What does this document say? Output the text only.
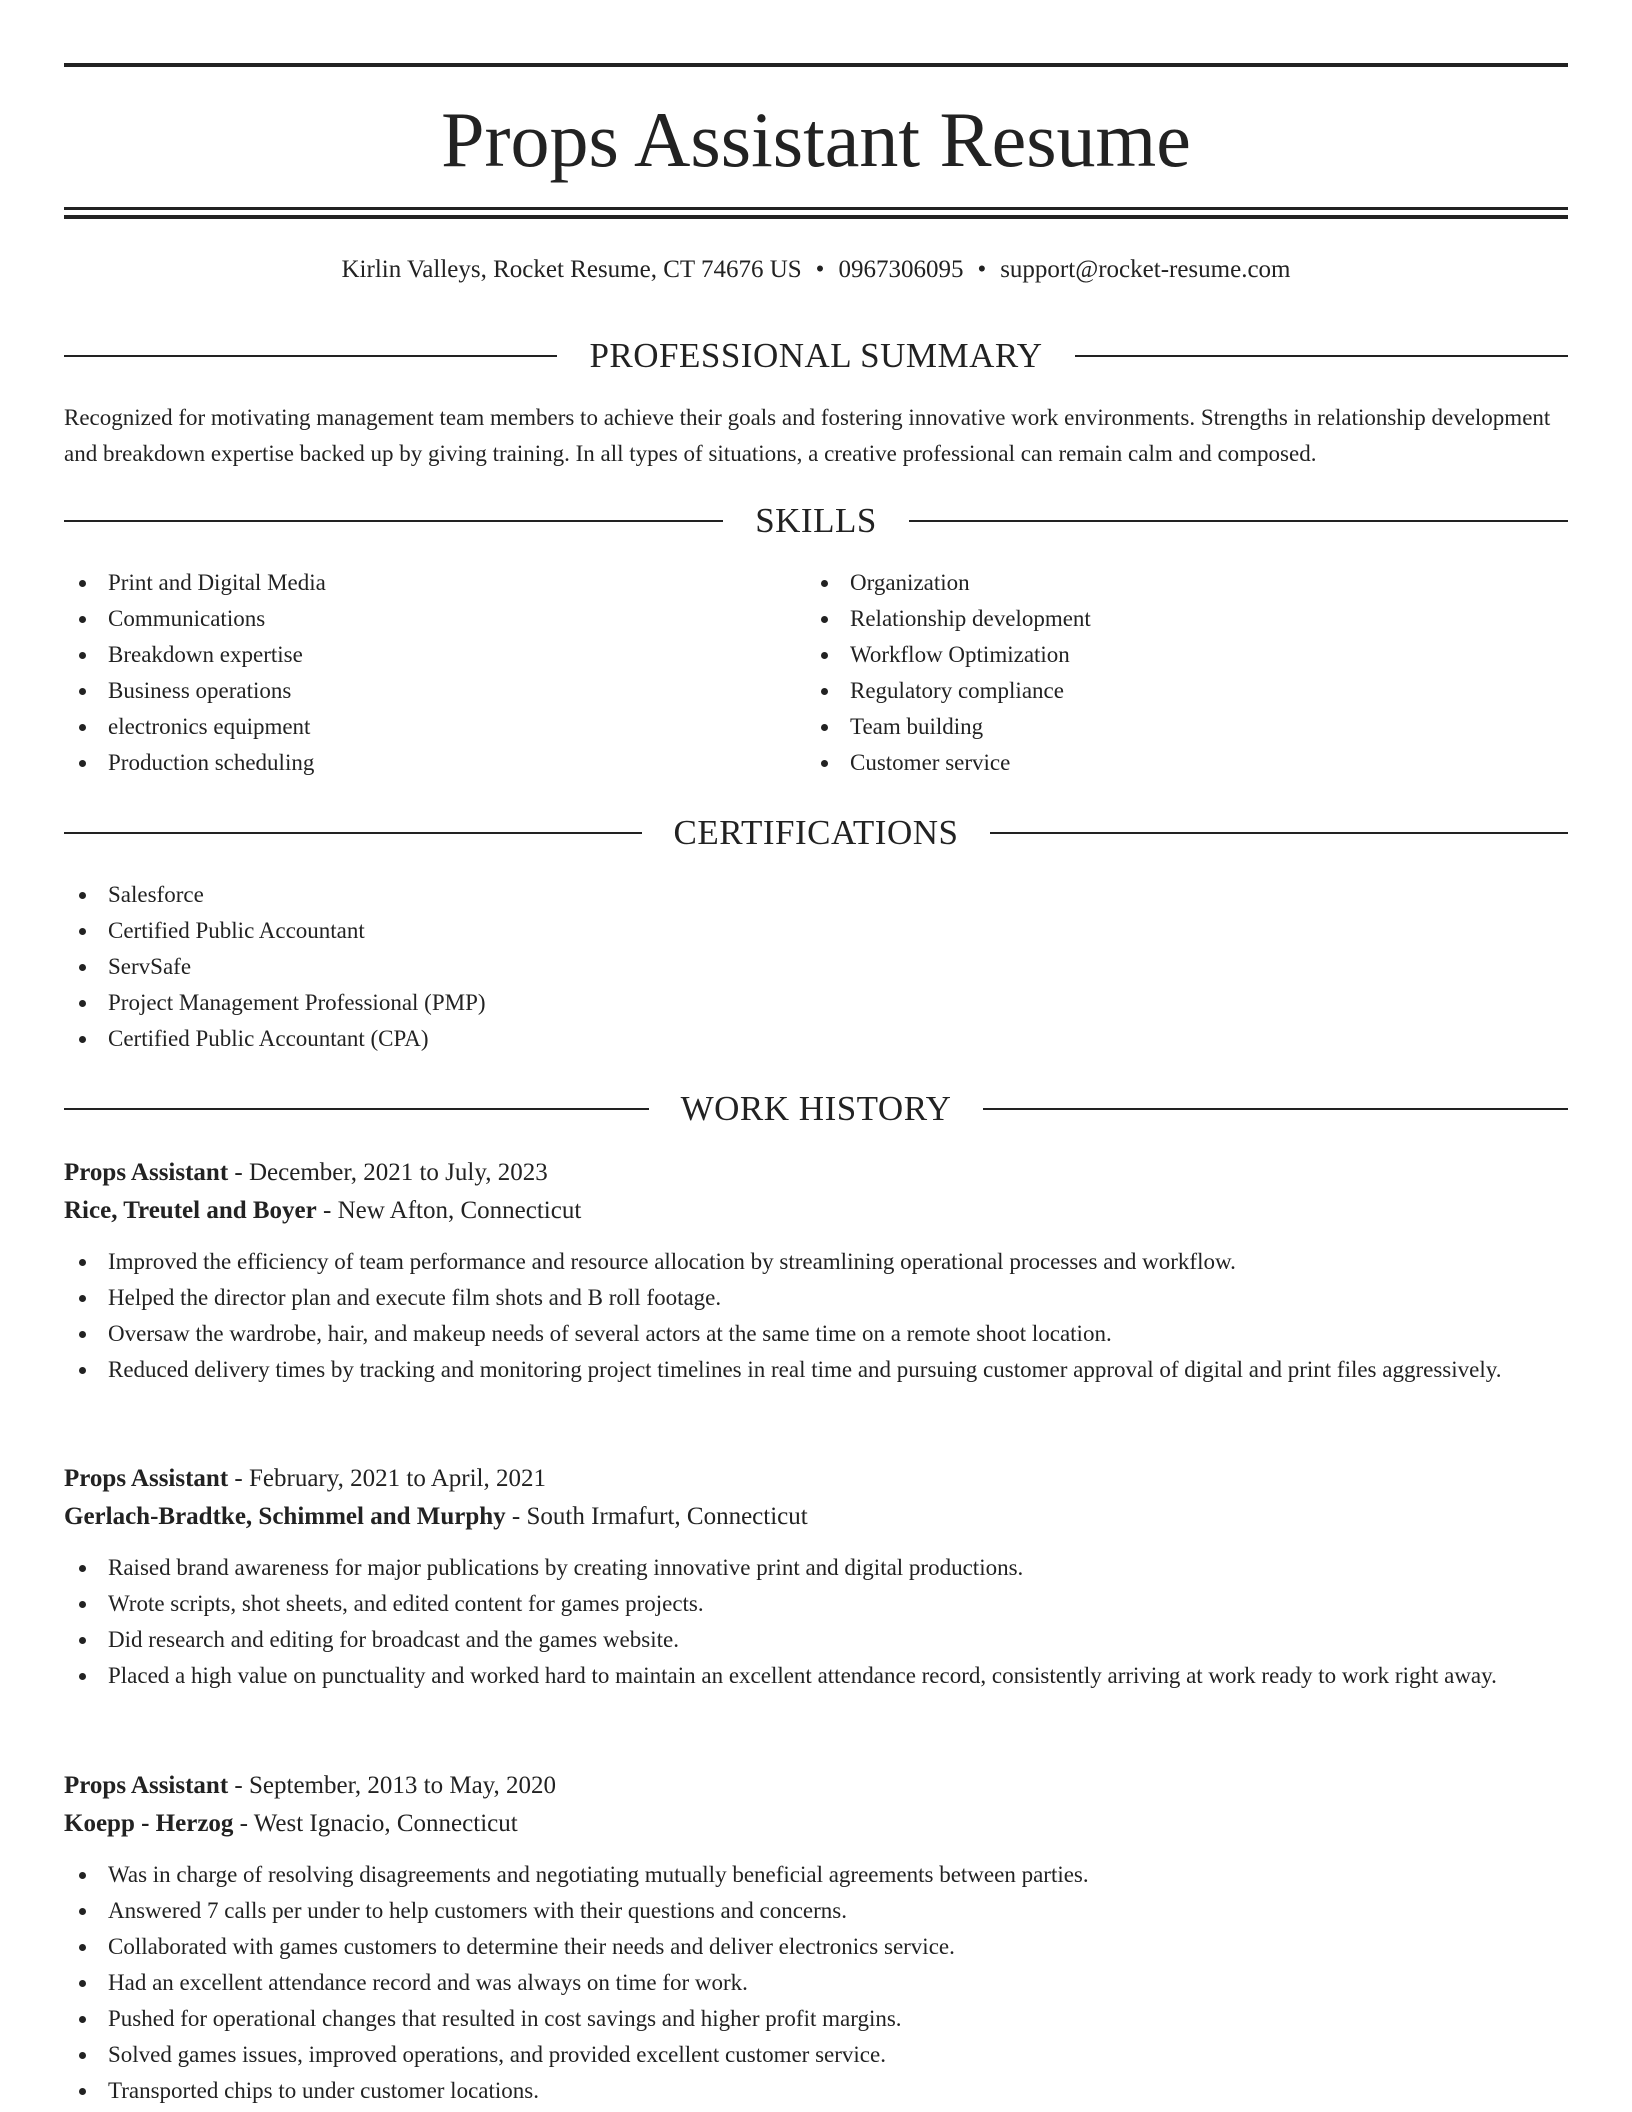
Props Assistant Resume
Kirlin Valleys, Rocket Resume, CT 74676 US • 0967306095 • support@rocket-resume.com
PROFESSIONAL SUMMARY

Recognized for motivating management team members to achieve their goals and fostering innovative work environments. Strengths in relationship development and breakdown expertise backed up by giving training. In all types of situations, a creative professional can remain calm and composed.

SKILLS
Print and Digital Media
Communications
Breakdown expertise
Business operations
electronics equipment
Production scheduling
Organization
Relationship development
Workflow Optimization
Regulatory compliance
Team building
Customer service
CERTIFICATIONS
Salesforce
Certified Public Accountant
ServSafe
Project Management Professional (PMP)
Certified Public Accountant (CPA)
WORK HISTORY
Props Assistant - December, 2021 to July, 2023
Rice, Treutel and Boyer - New Afton, Connecticut
Improved the efficiency of team performance and resource allocation by streamlining operational processes and workflow.
Helped the director plan and execute film shots and B roll footage.
Oversaw the wardrobe, hair, and makeup needs of several actors at the same time on a remote shoot location.
Reduced delivery times by tracking and monitoring project timelines in real time and pursuing customer approval of digital and print files aggressively.
Props Assistant - February, 2021 to April, 2021
Gerlach-Bradtke, Schimmel and Murphy - South Irmafurt, Connecticut
Raised brand awareness for major publications by creating innovative print and digital productions.
Wrote scripts, shot sheets, and edited content for games projects.
Did research and editing for broadcast and the games website.
Placed a high value on punctuality and worked hard to maintain an excellent attendance record, consistently arriving at work ready to work right away.
Props Assistant - September, 2013 to May, 2020
Koepp - Herzog - West Ignacio, Connecticut
Was in charge of resolving disagreements and negotiating mutually beneficial agreements between parties.
Answered 7 calls per under to help customers with their questions and concerns.
Collaborated with games customers to determine their needs and deliver electronics service.
Had an excellent attendance record and was always on time for work.
Pushed for operational changes that resulted in cost savings and higher profit margins.
Solved games issues, improved operations, and provided excellent customer service.
Transported chips to under customer locations.
